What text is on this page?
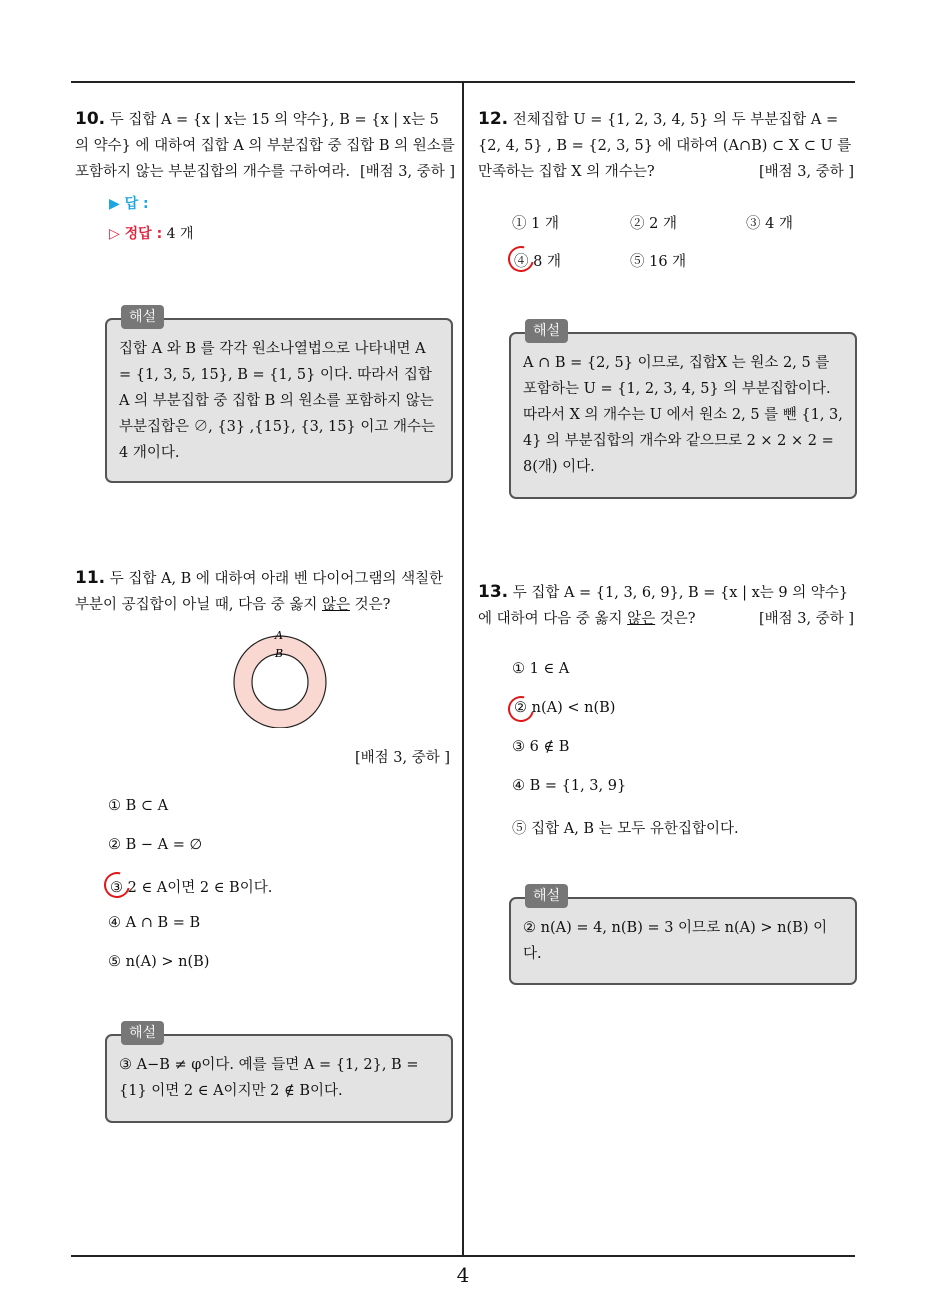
10. 두 집합 A = {x | x는 15 의 약수}, B = {x | x는 5 의 약수} 에 대하여 집합 A 의 부분집합 중 집합 B 의 원소를 포함하지 않는 부분집합의 개수를 구하여라. [배점 3, 중하 ]
▶ 답 :
▷ 정답 : 4 개
해설
집합 A 와 B 를 각각 원소나열법으로 나타내면 A = {1, 3, 5, 15}, B = {1, 5} 이다. 따라서 집합 A 의 부분집합 중 집합 B 의 원소를 포함하지 않는 부분집합은 ∅, {3} ,{15}, {3, 15} 이고 개수는 4 개이다.
11. 두 집합 A, B 에 대하여 아래 벤 다이어그램의 색칠한 부분이 공집합이 아닐 때, 다음 중 옳지 않은 것은?
A
B
[배점 3, 중하 ]
① B ⊂ A
② B − A = ∅
③ 2 ∈ A이면 2 ∈ B이다.
④ A ∩ B = B
⑤ n(A) > n(B)
해설
③ A−B ≠ φ이다. 예를 들면 A = {1, 2}, B = {1} 이면 2 ∈ A이지만 2 ∉ B이다.
12. 전체집합 U = {1, 2, 3, 4, 5} 의 두 부분집합 A = {2, 4, 5} , B = {2, 3, 5} 에 대하여 (A∩B) ⊂ X ⊂ U 를 만족하는 집합 X 의 개수는?	[배점 3, 중하 ]
① 1 개	② 2 개	③ 4 개
④ 8 개	⑤ 16 개
해설
A ∩ B = {2, 5} 이므로, 집합X 는 원소 2, 5 를 포함하는 U = {1, 2, 3, 4, 5} 의 부분집합이다. 따라서 X 의 개수는 U 에서 원소 2, 5 를 뺀 {1, 3, 4} 의 부분집합의 개수와 같으므로 2 × 2 × 2 = 8(개) 이다.
13. 두 집합 A = {1, 3, 6, 9}, B = {x | x는 9 의 약수} 에 대하여 다음 중 옳지 않은 것은?	[배점 3, 중하 ]
① 1 ∈ A
② n(A) < n(B)
③ 6 ∉ B
④ B = {1, 3, 9}
⑤ 집합 A, B 는 모두 유한집합이다.
해설
② n(A) = 4, n(B) = 3 이므로 n(A) > n(B) 이다.
4
